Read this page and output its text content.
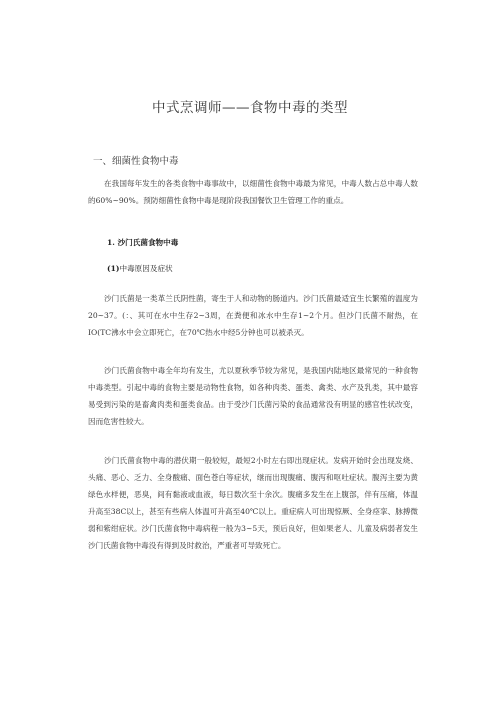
中式烹调师——食物中毒的类型
一、细菌性食物中毒
在我国每年发生的各类食物中毒事故中，以细菌性食物中毒最为常见，中毒人数占总中毒人数的60%~90%。预防细菌性食物中毒是现阶段我国餐饮卫生管理工作的重点。
1. 沙门氏菌食物中毒
(1)中毒原因及症状
沙门氏菌是一类革兰氏阴性菌，寄生于人和动物的肠道内。沙门氏菌最适宜生长繁殖的温度为20~37。(：、其可在水中生存2~3周，在粪便和冰水中生存1~2个月。但沙门氏菌不耐热，在IO(TC沸水中会立即死亡，在70℃热水中经5分钟也可以被杀灭。
沙门氏菌食物中毒全年均有发生，尤以夏秋季节较为常见，是我国内陆地区最常见的一种食物中毒类型。引起中毒的食物主要是动物性食物，如各种肉类、蛋类、禽类、水产及乳类，其中最容易受到污染的是畜禽肉类和蛋类食品。由于受沙门氏菌污染的食品通常没有明显的感官性状改变，因而危害性较大。
沙门氏菌食物中毒的潜伏期一般较短，最短2小时左右即出现症状。发病开始时会出现发烧、头痛、恶心、乏力、全身酸痛、面色苍白等症状，继而出现腹痛、腹泻和呕吐症状。腹泻主要为黄绿色水样便，恶臭，间有黏液或血液，每日数次至十余次。腹痛多发生在上腹部，伴有压痛，体温升高至38C以上，甚至有些病人体温可升高至40℃以上。重症病人可出现惊厥、全身痉挛、脉搏微弱和紫绀症状。沙门氏菌食物中毒病程一般为3~5天，预后良好，但如果老人、儿童及病弱者发生沙门氏菌食物中毒没有得到及时救治，严重者可导致死亡。
